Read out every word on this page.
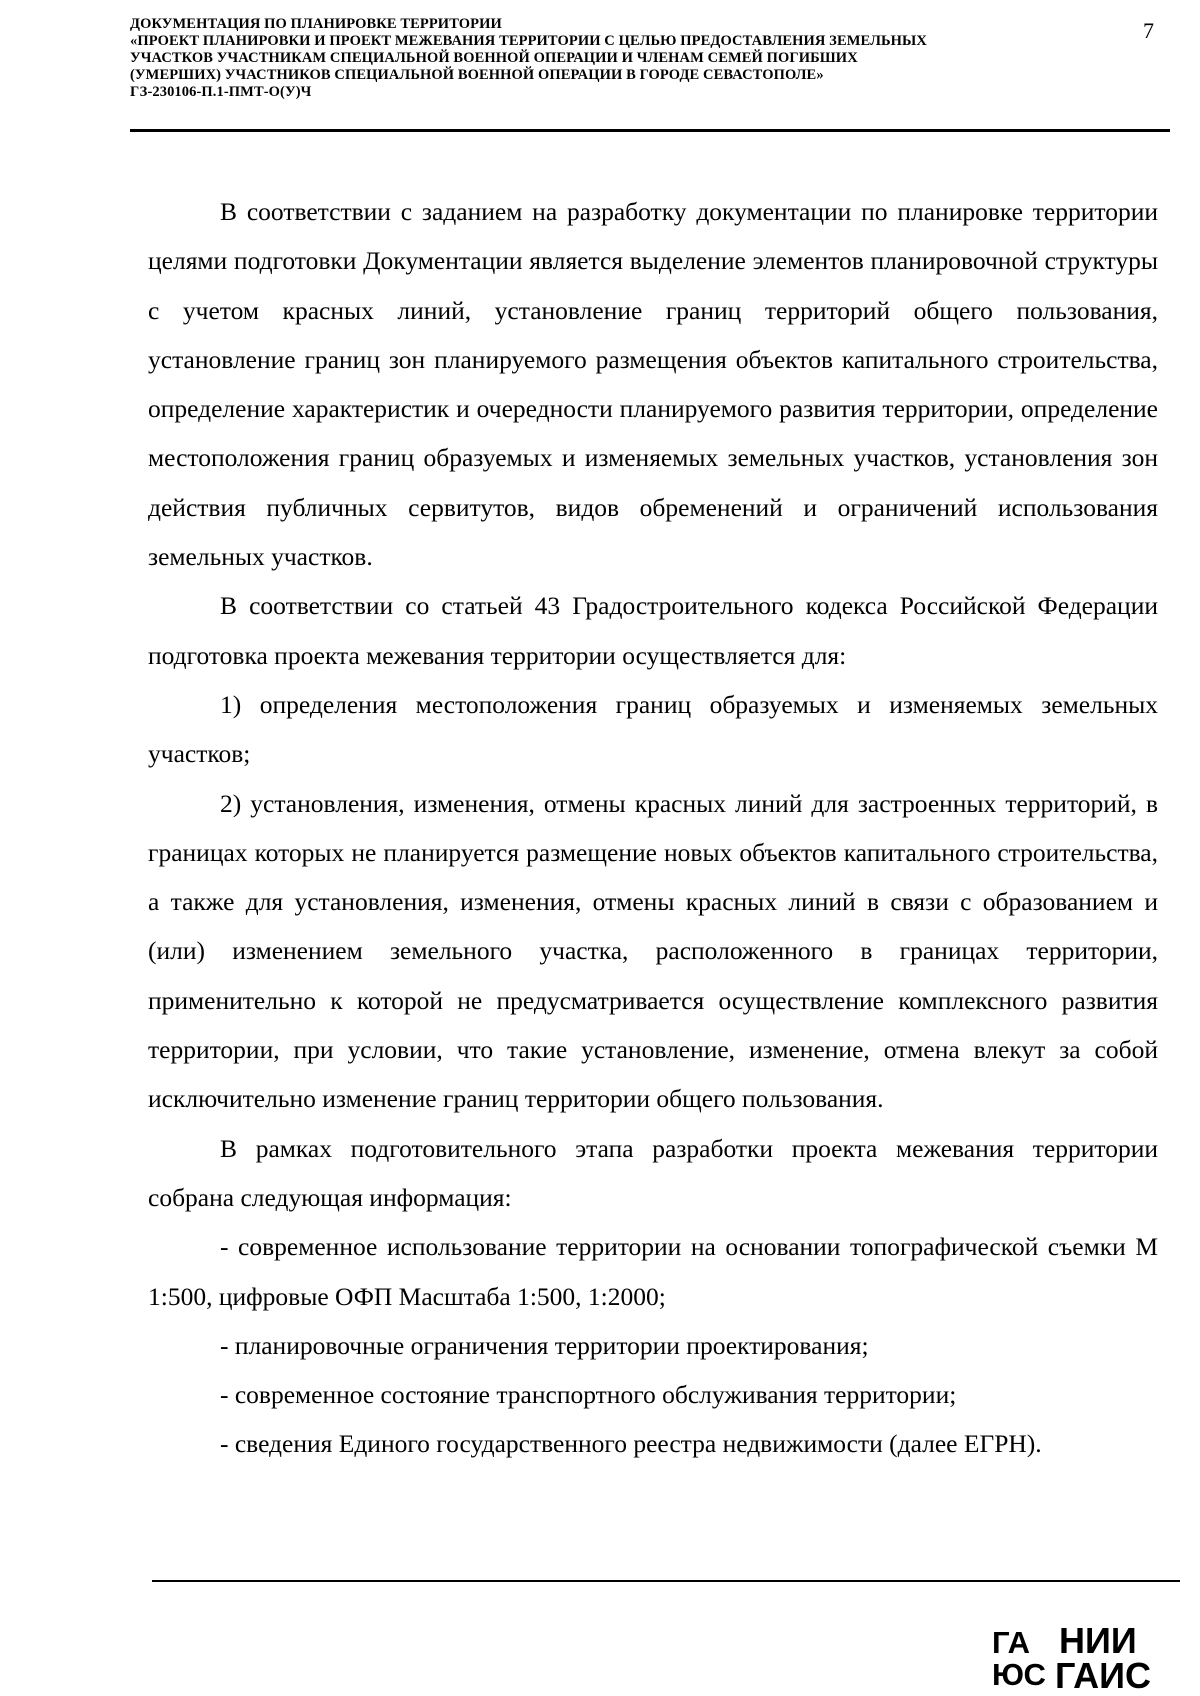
ДОКУМЕНТАЦИЯ ПО ПЛАНИРОВКЕ ТЕРРИТОРИИ
«ПРОЕКТ ПЛАНИРОВКИ И ПРОЕКТ МЕЖЕВАНИЯ ТЕРРИТОРИИ С ЦЕЛЬЮ ПРЕДОСТАВЛЕНИЯ ЗЕМЕЛЬНЫХ
УЧАСТКОВ УЧАСТНИКАМ СПЕЦИАЛЬНОЙ ВОЕННОЙ ОПЕРАЦИИ И ЧЛЕНАМ СЕМЕЙ ПОГИБШИХ
(УМЕРШИХ) УЧАСТНИКОВ СПЕЦИАЛЬНОЙ ВОЕННОЙ ОПЕРАЦИИ В ГОРОДЕ СЕВАСТОПОЛЕ»
ГЗ-230106-П.1-ПМТ-О(У)Ч
7

В соответствии с заданием на разработку документации по планировке территории целями подготовки Документации является выделение элементов планировочной структуры с учетом красных линий, установление границ территорий общего пользования, установление границ зон планируемого размещения объектов капитального строительства, определение характеристик и очередности планируемого развития территории, определение местоположения границ образуемых и изменяемых земельных участков, установления зон действия публичных сервитутов, видов обременений и ограничений использования земельных участков.

В соответствии со статьей 43 Градостроительного кодекса Российской Федерации подготовка проекта межевания территории осуществляется для:

1) определения местоположения границ образуемых и изменяемых земельных участков;

2) установления, изменения, отмены красных линий для застроенных территорий, в границах которых не планируется размещение новых объектов капитального строительства, а также для установления, изменения, отмены красных линий в связи с образованием и (или) изменением земельного участка, расположенного в границах территории, применительно к которой не предусматривается осуществление комплексного развития территории, при условии, что такие установление, изменение, отмена влекут за собой исключительно изменение границ территории общего пользования.

В рамках подготовительного этапа разработки проекта межевания территории собрана следующая информация:

- современное использование территории на основании топографической съемки М 1:500, цифровые ОФП Масштаба 1:500, 1:2000;

- планировочные ограничения территории проектирования;

- современное состояние транспортного обслуживания территории;

- сведения Единого государственного реестра недвижимости (далее ЕГРН).

ГА
ЮС
НИИ
ГАИС
